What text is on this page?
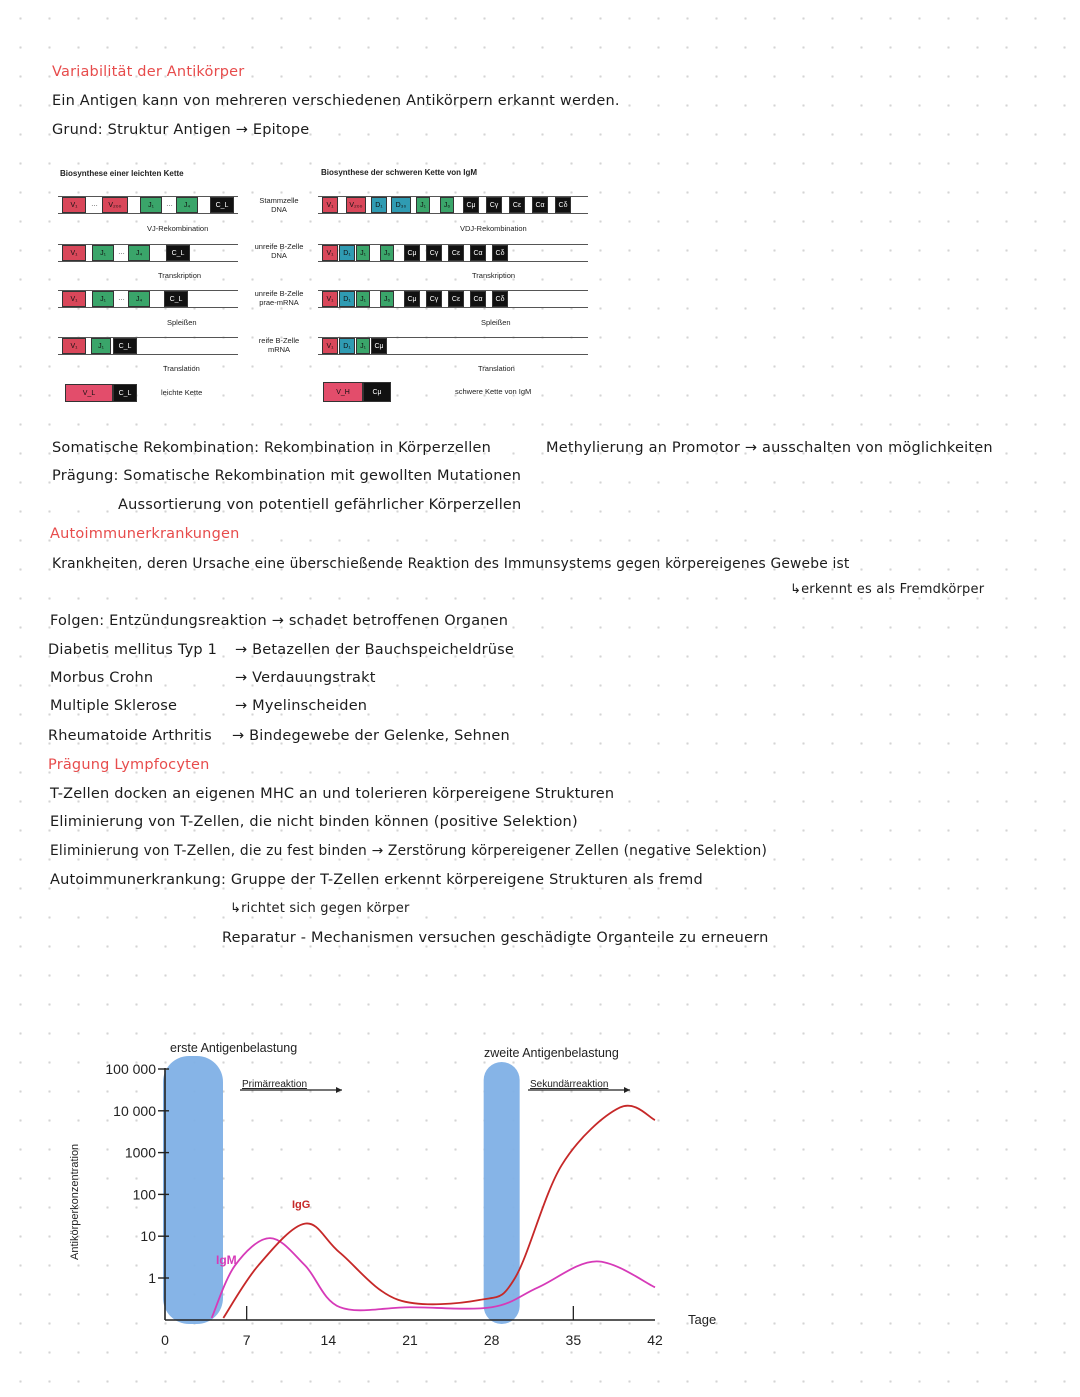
Variabilität der Antikörper
Ein Antigen kann von mehreren verschiedenen Antikörpern erkannt werden.
Grund: Struktur Antigen → Epitope
Biosynthese einer leichten Kette	Biosynthese der schweren Kette von IgM
V₁	…	V₂₀₀	J₁	…	J₄	C_L
VJ-Rekombination
V₁	J₁	…	J₄	C_L
Transkription
V₁	J₁	…	J₄	C_L
Spleißen
V₁	J₁	C_L
Translation
V_L	C_L	leichte Kette
Stammzelle DNA
unreife B-Zelle DNA
unreife B-Zelle prae-mRNA
reife B-Zelle mRNA
V₁	V₂₀₀	D₁	D₃₀	J₁	J₆	Cμ	Cγ	Cε	Cα	Cδ
VDJ-Rekombination
V₁	D₁	J₁	J₆	Cμ	Cγ	Cε	Cα	Cδ
Transkription
V₁	D₁	J₁	J₆	Cμ	Cγ	Cε	Cα	Cδ
Spleißen
V₁	D₁	J₁	Cμ
Translation
V_H	Cμ	schwere Kette von IgM
Somatische Rekombination: Rekombination in Körperzellen	Methylierung an Promotor → ausschalten von möglichkeiten
Prägung: Somatische Rekombination mit gewollten Mutationen
Aussortierung von potentiell gefährlicher Körperzellen
Autoimmunerkrankungen
Krankheiten, deren Ursache eine überschießende Reaktion des Immunsystems gegen körpereigenes Gewebe ist
↳erkennt es als Fremdkörper
Folgen: Entzündungsreaktion → schadet betroffenen Organen
Diabetis mellitus Typ 1 → Betazellen der Bauchspeicheldrüse
Morbus Crohn	→ Verdauungstrakt
Multiple Sklerose	→ Myelinscheiden
Rheumatoide Arthritis → Bindegewebe der Gelenke, Sehnen
Prägung Lympfocyten
T-Zellen docken an eigenen MHC an und tolerieren körpereigene Strukturen
Eliminierung von T-Zellen, die nicht binden können (positive Selektion)
Eliminierung von T-Zellen, die zu fest binden → Zerstörung körpereigener Zellen (negative Selektion)
Autoimmunerkrankung: Gruppe der T-Zellen erkennt körpereigene Strukturen als fremd
↳richtet sich gegen körper
Reparatur - Mechanismen versuchen geschädigte Organteile zu erneuern
1
10
100
1000
10 000
100 000
0	7	14	21	28	35	42
Antikörperkonzentration
Tage
erste Antigenbelastung	zweite Antigenbelastung
Primärreaktion	Sekundärreaktion
IgM
IgG
